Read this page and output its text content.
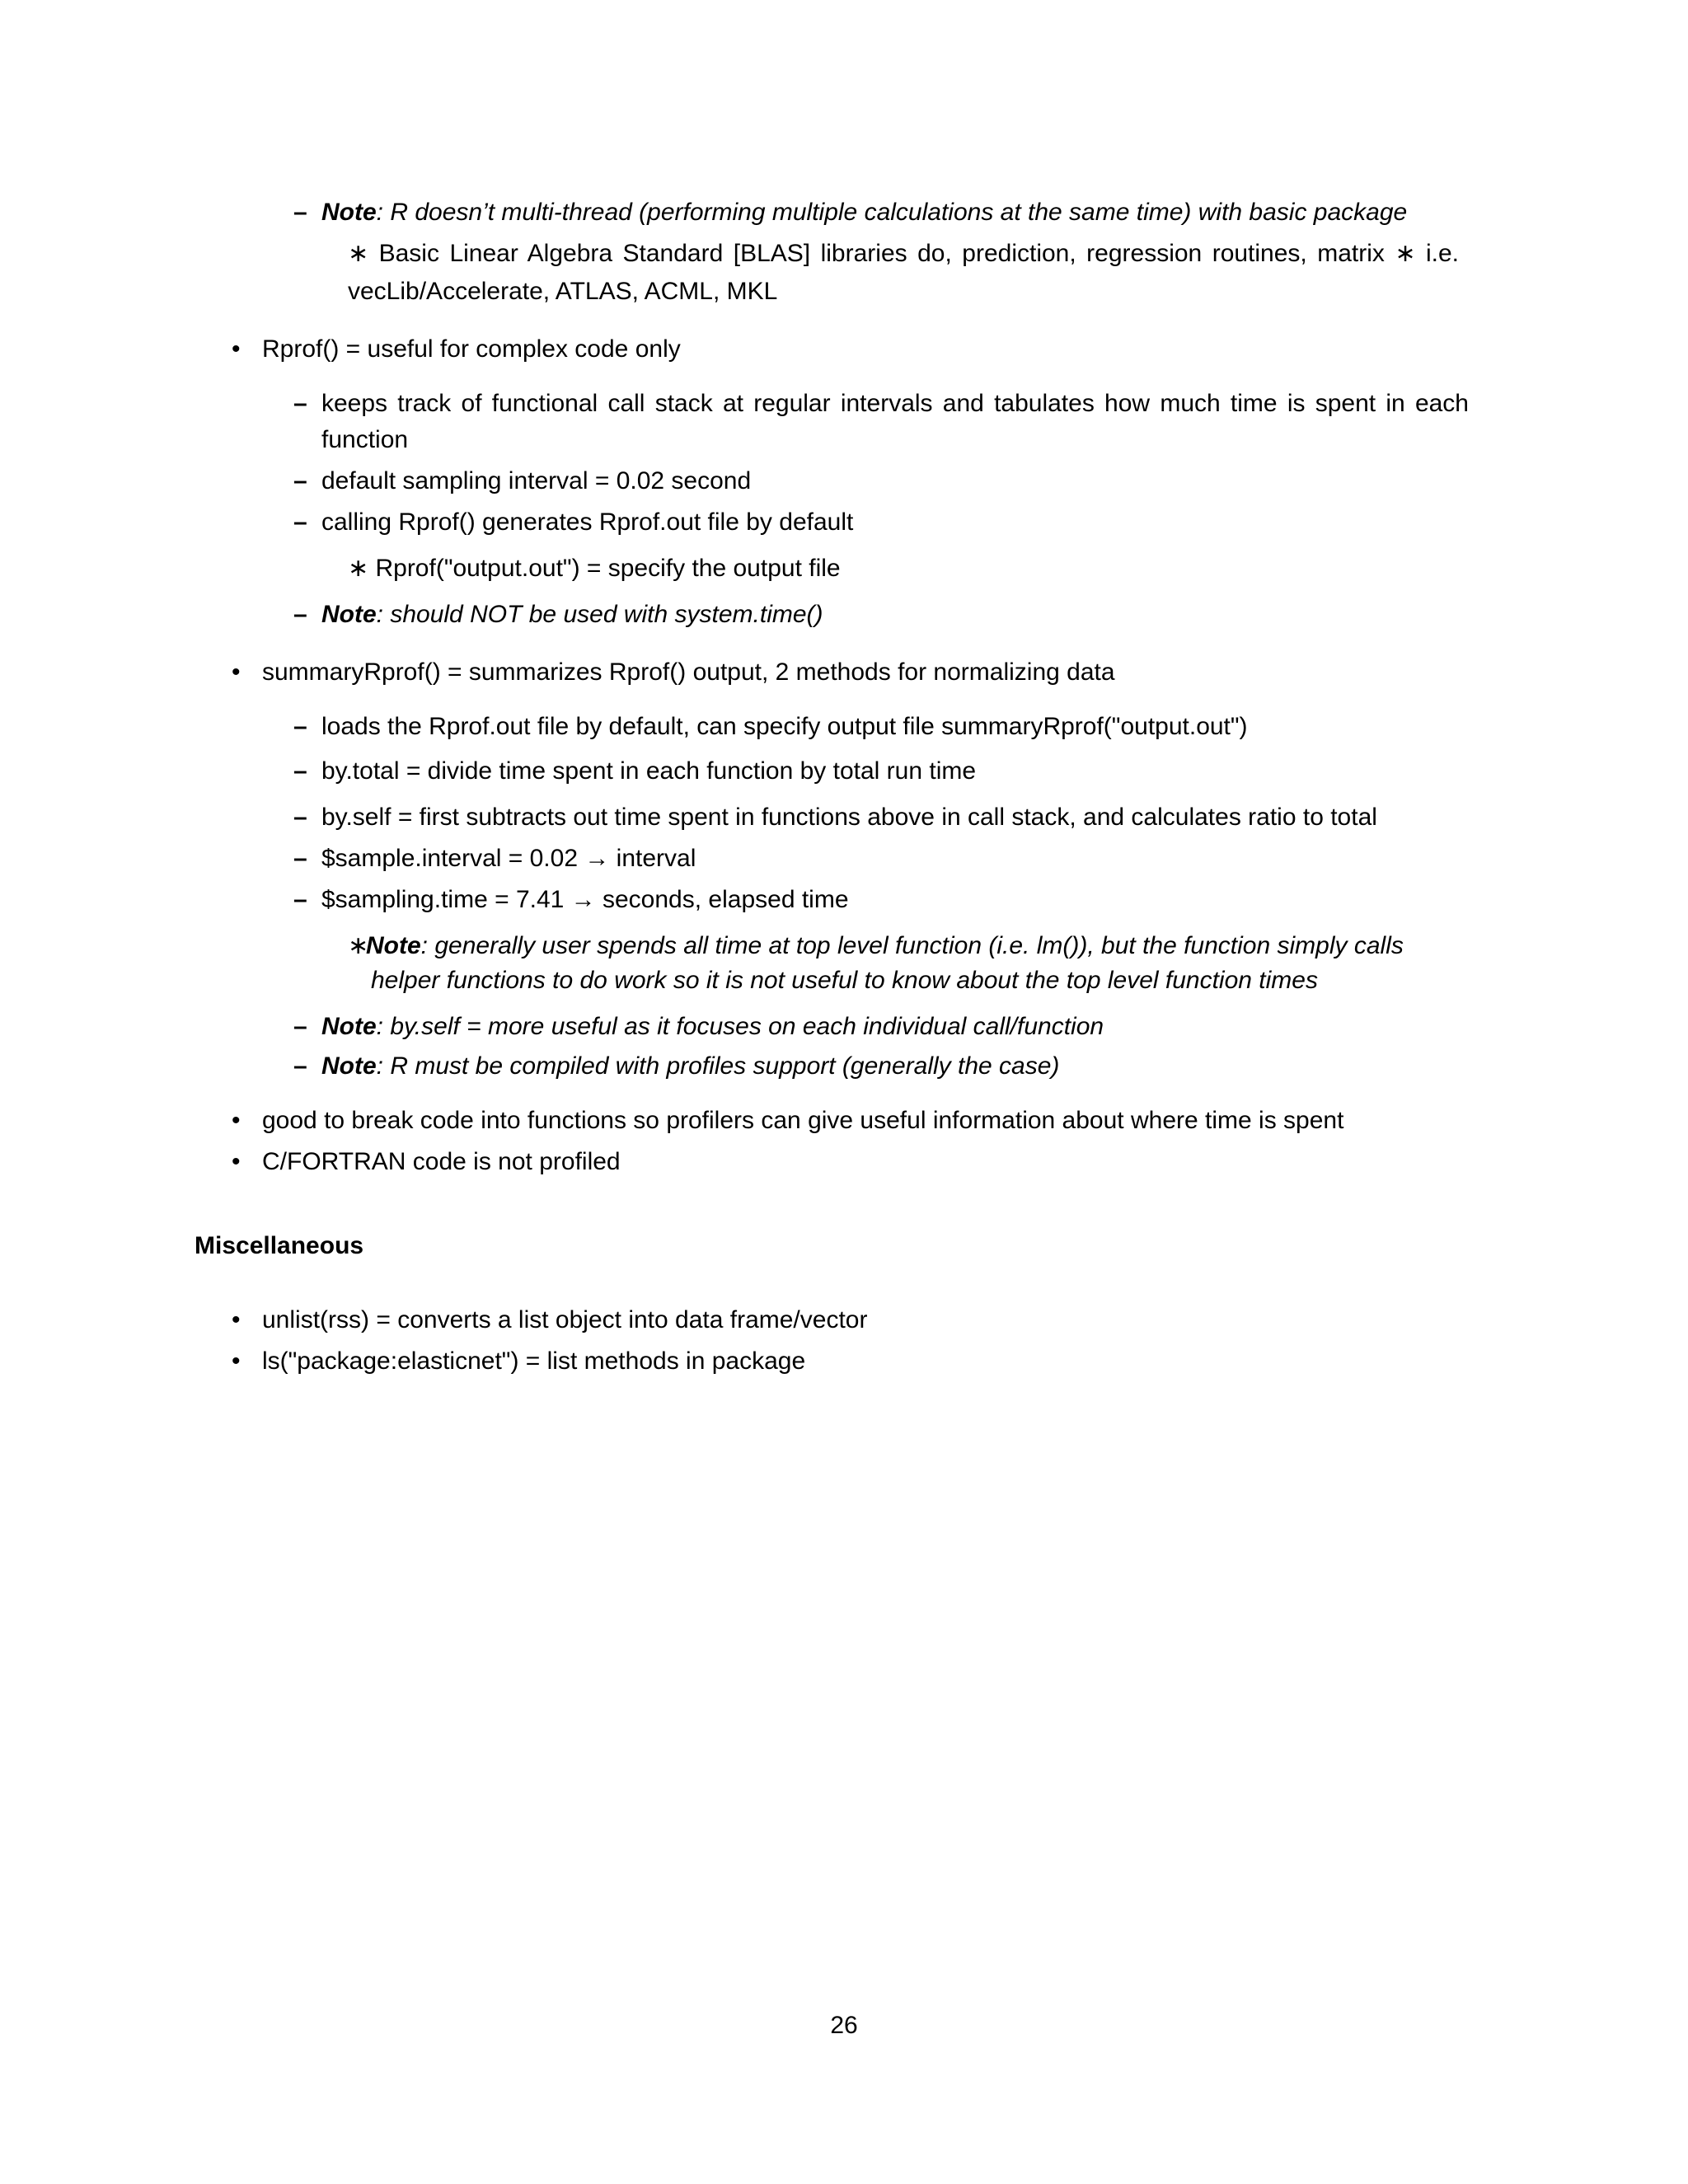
– Note: R doesn’t multi-thread (performing multiple calculations at the same time) with basic package
∗ Basic Linear Algebra Standard [BLAS] libraries do, prediction, regression routines, matrix ∗ i.e.
vecLib/Accelerate, ATLAS, ACML, MKL
• Rprof() = useful for complex code only
– keeps track of functional call stack at regular intervals and tabulates how much time is spent in each
function
– default sampling interval = 0.02 second
– calling Rprof() generates Rprof.out file by default
∗ Rprof("output.out") = specify the output file
– Note: should NOT be used with system.time()
• summaryRprof() = summarizes Rprof() output, 2 methods for normalizing data
– loads the Rprof.out file by default, can specify output file summaryRprof("output.out")
– by.total = divide time spent in each function by total run time
– by.self = first subtracts out time spent in functions above in call stack, and calculates ratio to total
– $sample.interval = 0.02 → interval
– $sampling.time = 7.41 → seconds, elapsed time
∗
Note: generally user spends all time at top level function (i.e. lm()), but the function simply calls
helper functions to do work so it is not useful to know about the top level function times
– Note: by.self = more useful as it focuses on each individual call/function
– Note: R must be compiled with profiles support (generally the case)
• good to break code into functions so profilers can give useful information about where time is spent
• C/FORTRAN code is not profiled
Miscellaneous
• unlist(rss) = converts a list object into data frame/vector
• ls("package:elasticnet") = list methods in package
26
